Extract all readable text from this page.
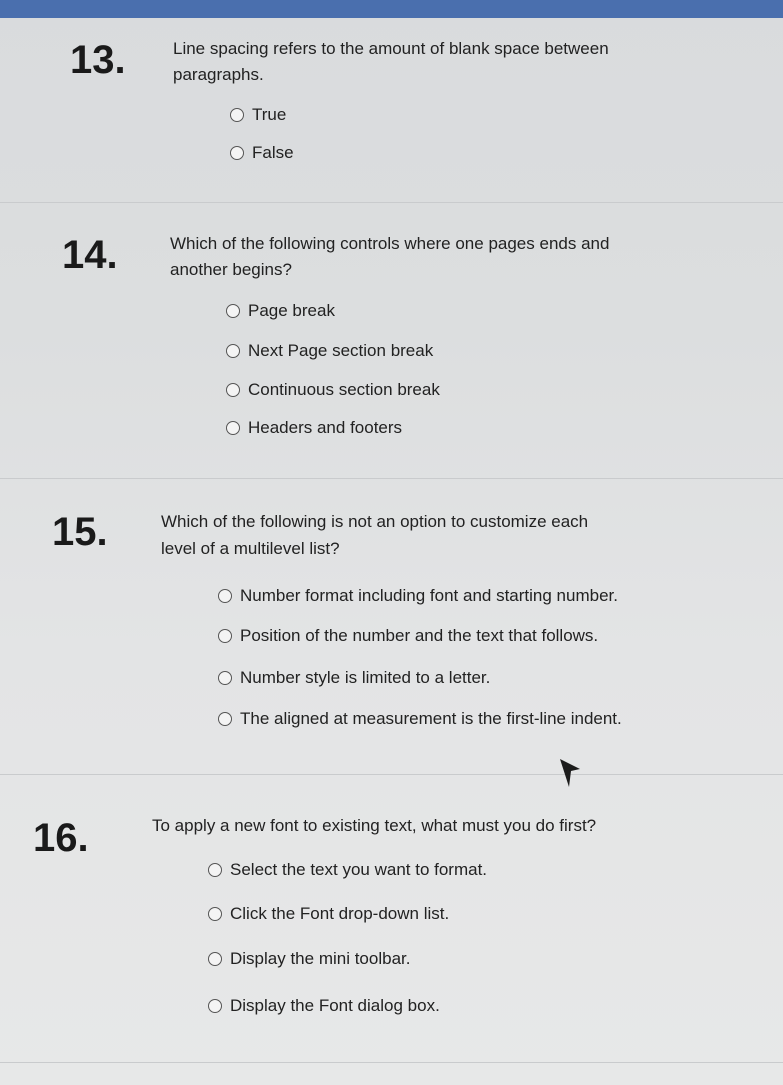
13.	Line spacing refers to the amount of blank space between
paragraphs.
True
False
14.	Which of the following controls where one pages ends and
another begins?
Page break
Next Page section break
Continuous section break
Headers and footers
15.	Which of the following is not an option to customize each
level of a multilevel list?
Number format including font and starting number.
Position of the number and the text that follows.
Number style is limited to a letter.
The aligned at measurement is the first-line indent.
16.	To apply a new font to existing text, what must you do first?
Select the text you want to format.
Click the Font drop-down list.
Display the mini toolbar.
Display the Font dialog box.
